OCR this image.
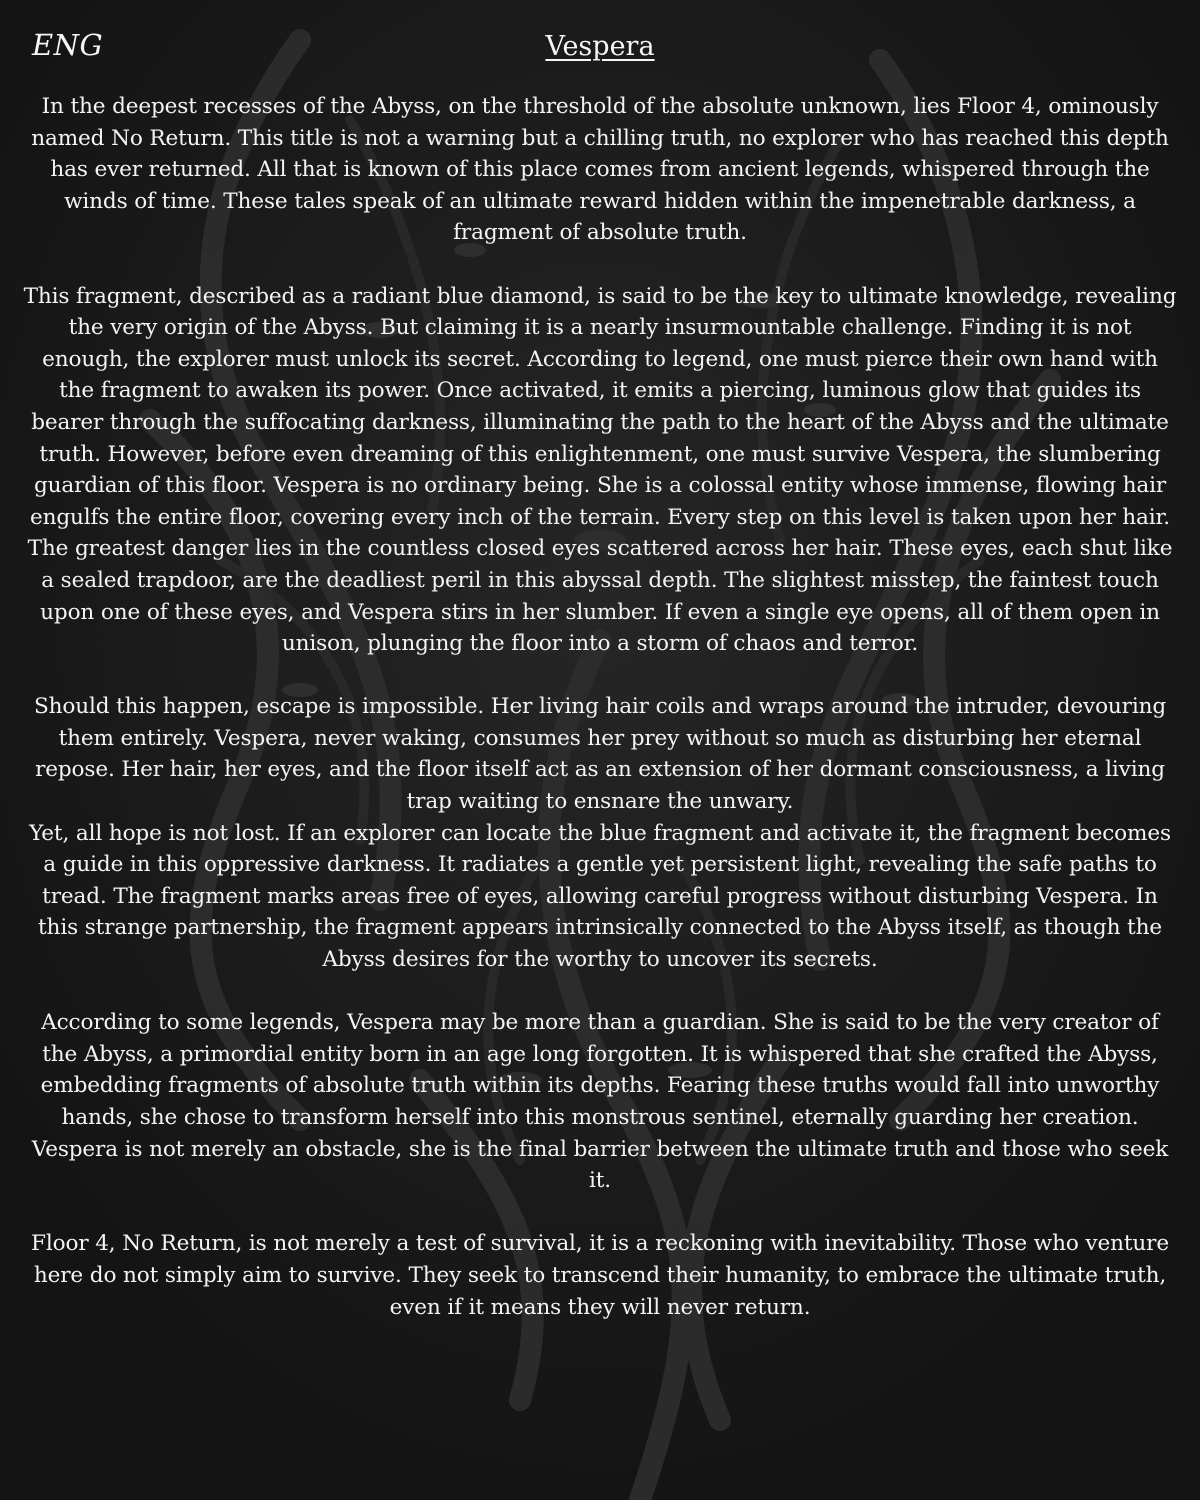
ENG	Vespera

In the deepest recesses of the Abyss, on the threshold of the absolute unknown, lies Floor 4, ominously named No Return. This title is not a warning but a chilling truth, no explorer who has reached this depth has ever returned. All that is known of this place comes from ancient legends, whispered through the winds of time. These tales speak of an ultimate reward hidden within the impenetrable darkness, a fragment of absolute truth.

This fragment, described as a radiant blue diamond, is said to be the key to ultimate knowledge, revealing the very origin of the Abyss. But claiming it is a nearly insurmountable challenge. Finding it is not enough, the explorer must unlock its secret. According to legend, one must pierce their own hand with the fragment to awaken its power. Once activated, it emits a piercing, luminous glow that guides its bearer through the suffocating darkness, illuminating the path to the heart of the Abyss and the ultimate truth. However, before even dreaming of this enlightenment, one must survive Vespera, the slumbering guardian of this floor. Vespera is no ordinary being. She is a colossal entity whose immense, flowing hair engulfs the entire floor, covering every inch of the terrain. Every step on this level is taken upon her hair.

The greatest danger lies in the countless closed eyes scattered across her hair. These eyes, each shut like a sealed trapdoor, are the deadliest peril in this abyssal depth. The slightest misstep, the faintest touch upon one of these eyes, and Vespera stirs in her slumber. If even a single eye opens, all of them open in unison, plunging the floor into a storm of chaos and terror.

Should this happen, escape is impossible. Her living hair coils and wraps around the intruder, devouring them entirely. Vespera, never waking, consumes her prey without so much as disturbing her eternal repose. Her hair, her eyes, and the floor itself act as an extension of her dormant consciousness, a living trap waiting to ensnare the unwary.

Yet, all hope is not lost. If an explorer can locate the blue fragment and activate it, the fragment becomes a guide in this oppressive darkness. It radiates a gentle yet persistent light, revealing the safe paths to tread. The fragment marks areas free of eyes, allowing careful progress without disturbing Vespera. In this strange partnership, the fragment appears intrinsically connected to the Abyss itself, as though the Abyss desires for the worthy to uncover its secrets.

According to some legends, Vespera may be more than a guardian. She is said to be the very creator of the Abyss, a primordial entity born in an age long forgotten. It is whispered that she crafted the Abyss, embedding fragments of absolute truth within its depths. Fearing these truths would fall into unworthy hands, she chose to transform herself into this monstrous sentinel, eternally guarding her creation. Vespera is not merely an obstacle, she is the final barrier between the ultimate truth and those who seek it.

Floor 4, No Return, is not merely a test of survival, it is a reckoning with inevitability. Those who venture here do not simply aim to survive. They seek to transcend their humanity, to embrace the ultimate truth, even if it means they will never return.
